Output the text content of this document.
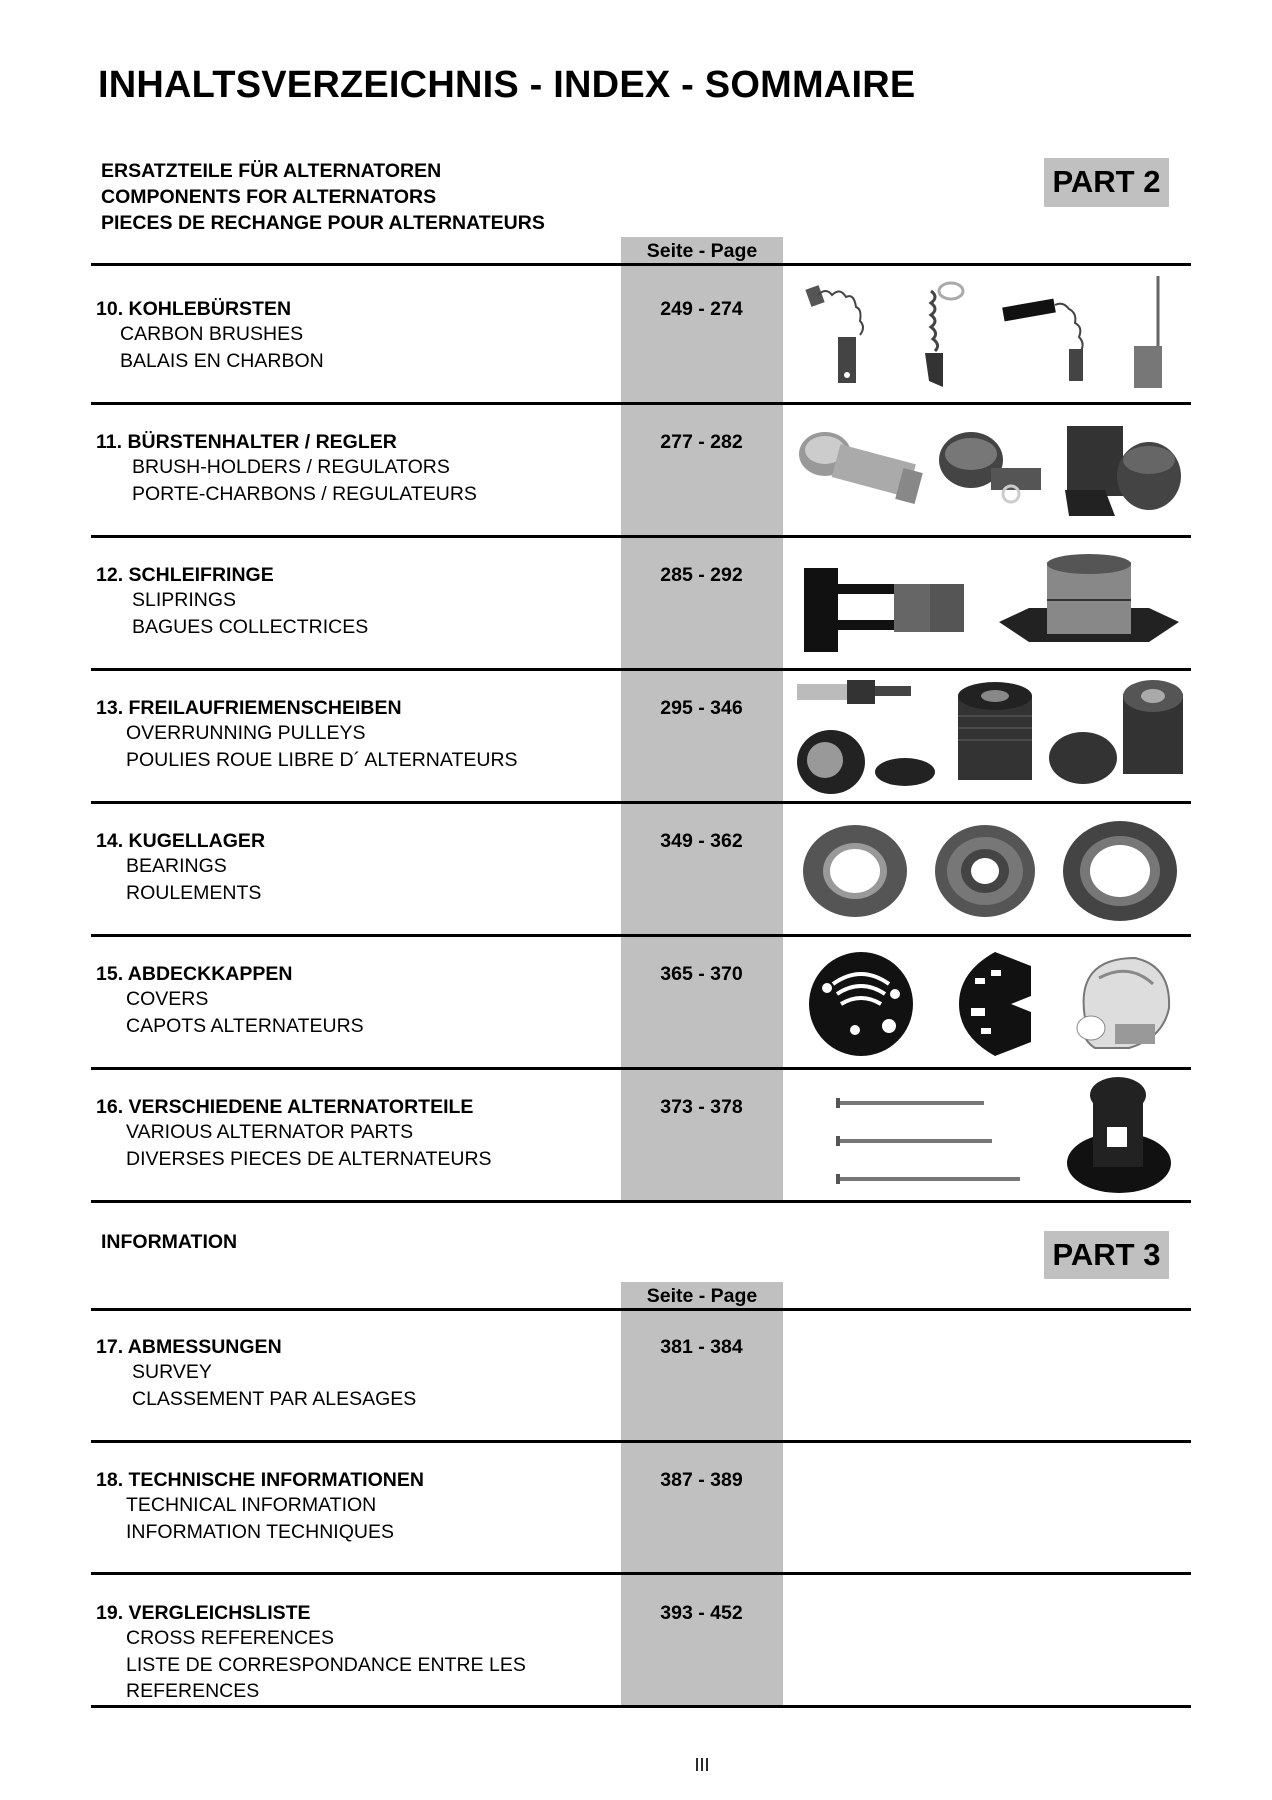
INHALTSVERZEICHNIS - INDEX - SOMMAIRE
ERSATZTEILE FÜR ALTERNATOREN
COMPONENTS FOR ALTERNATORS
PIECES DE RECHANGE POUR ALTERNATEURS
PART 2
Seite - Page
10. KOHLEBÜRSTEN
CARBON BRUSHES
BALAIS EN CHARBON
249 - 274
11. BÜRSTENHALTER / REGLER
BRUSH-HOLDERS / REGULATORS
PORTE-CHARBONS / REGULATEURS
277 - 282
12. SCHLEIFRINGE
SLIPRINGS
BAGUES COLLECTRICES
285 - 292
13. FREILAUFRIEMENSCHEIBEN
OVERRUNNING PULLEYS
POULIES ROUE LIBRE D´ ALTERNATEURS
295 - 346
14. KUGELLAGER
BEARINGS
ROULEMENTS
349 - 362
15. ABDECKKAPPEN
COVERS
CAPOTS ALTERNATEURS
365 - 370
16. VERSCHIEDENE ALTERNATORTEILE
VARIOUS ALTERNATOR PARTS
DIVERSES PIECES DE ALTERNATEURS
373 - 378
INFORMATION	PART 3
Seite - Page
17. ABMESSUNGEN
SURVEY
CLASSEMENT PAR ALESAGES
381 - 384
18. TECHNISCHE INFORMATIONEN
TECHNICAL INFORMATION
INFORMATION TECHNIQUES
387 - 389
19. VERGLEICHSLISTE
CROSS REFERENCES
LISTE DE CORRESPONDANCE ENTRE LES
REFERENCES
393 - 452
III
